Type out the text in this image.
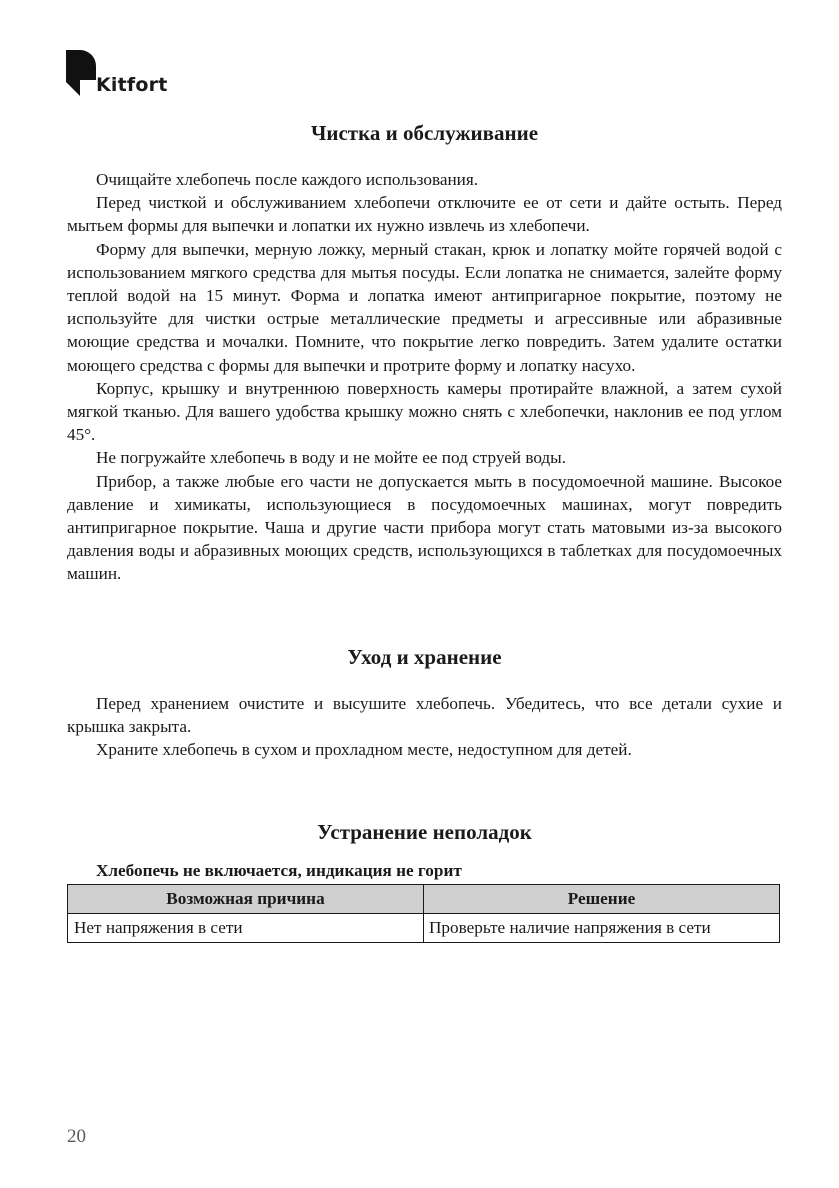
Kitfort
Чистка и обслуживание

Очищайте хлебопечь после каждого использования.

Перед чисткой и обслуживанием хлебопечи отключите ее от сети и дайте остыть. Перед мытьем формы для выпечки и лопатки их нужно извлечь из хлебопечи.

Форму для выпечки, мерную ложку, мерный стакан, крюк и лопатку мойте горячей водой с использованием мягкого средства для мытья посуды. Если лопатка не снимается, залейте форму теплой водой на 15 минут. Форма и лопатка имеют антипригарное покрытие, поэтому не используйте для чистки острые металлические предметы и агрессивные или абразивные моющие средства и мочалки. Помните, что покрытие легко повредить. Затем удалите остатки моющего средства с формы для выпечки и протрите форму и лопатку насухо.

Корпус, крышку и внутреннюю поверхность камеры протирайте влажной, а затем сухой мягкой тканью. Для вашего удобства крышку можно снять с хлебопечки, наклонив ее под углом 45°.

Не погружайте хлебопечь в воду и не мойте ее под струей воды.

Прибор, а также любые его части не допускается мыть в посудомоечной машине. Высокое давление и химикаты, использующиеся в посудомоечных машинах, могут повредить антипригарное покрытие. Чаша и другие части прибора могут стать матовыми из-за высокого давления воды и абразивных моющих средств, использующихся в таблетках для посудомоечных машин.

Уход и хранение

Перед хранением очистите и высушите хлебопечь. Убедитесь, что все детали сухие и крышка закрыта.

Храните хлебопечь в сухом и прохладном месте, недоступном для детей.

Устранение неполадок
Хлебопечь не включается, индикация не горит
Возможная причина	Решение
Нет напряжения в сети	Проверьте наличие напряжения в сети
20
